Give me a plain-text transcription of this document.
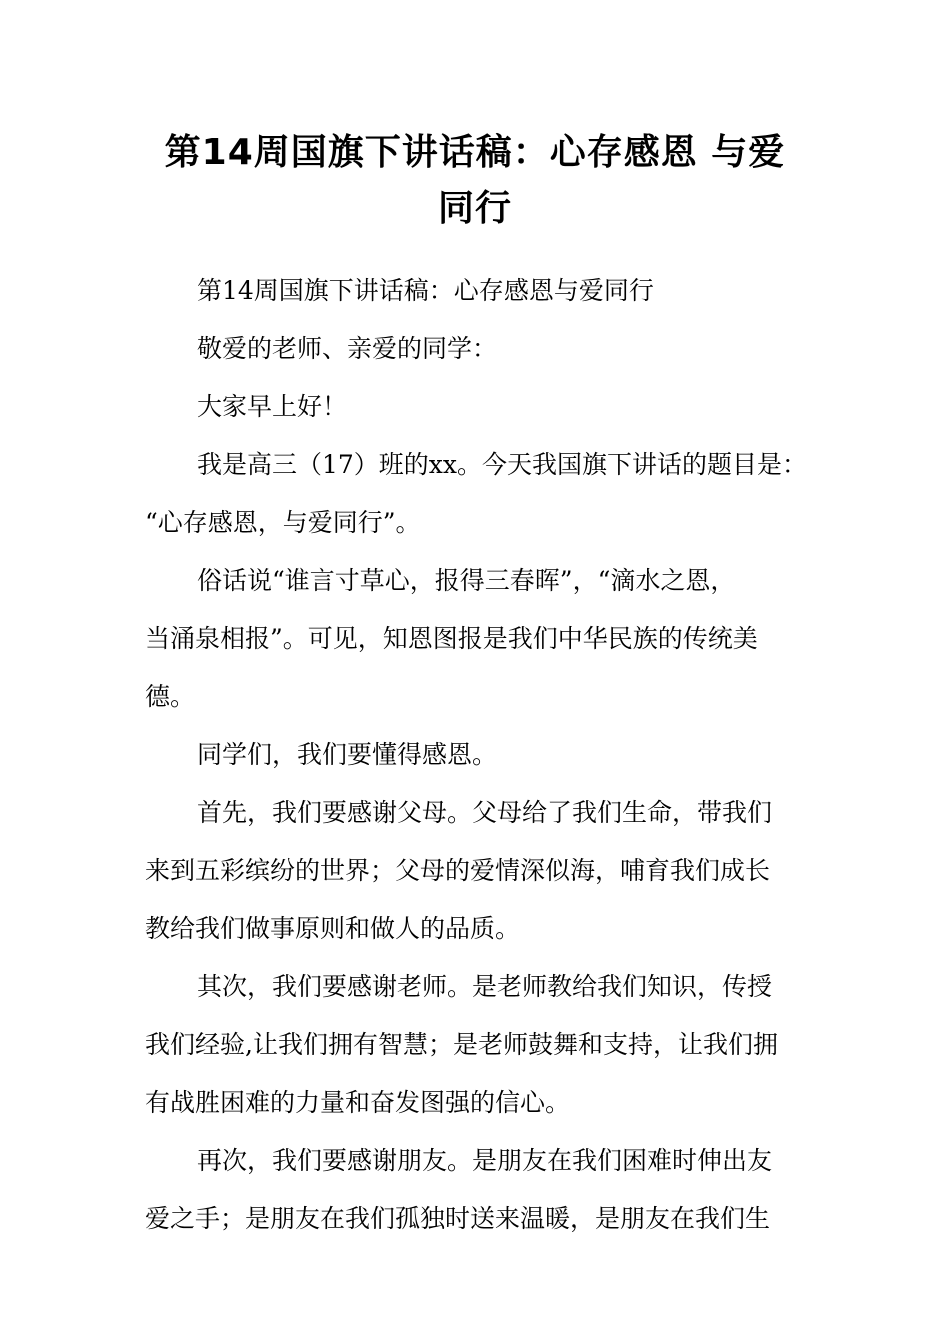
第14周国旗下讲话稿：心存感恩 与爱
同行
第14周国旗下讲话稿：心存感恩与爱同行
敬爱的老师、亲爱的同学：
大家早上好！
我是高三（17）班的xx。今天我国旗下讲话的题目是：
“心存感恩，与爱同行”。
俗话说“谁言寸草心，报得三春晖”，“滴水之恩，
当涌泉相报”。可见，知恩图报是我们中华民族的传统美
德。
同学们，我们要懂得感恩。
首先，我们要感谢父母。父母给了我们生命，带我们
来到五彩缤纷的世界；父母的爱情深似海，哺育我们成长
教给我们做事原则和做人的品质。
其次，我们要感谢老师。是老师教给我们知识，传授
我们经验,让我们拥有智慧；是老师鼓舞和支持，让我们拥
有战胜困难的力量和奋发图强的信心。
再次，我们要感谢朋友。是朋友在我们困难时伸出友
爱之手；是朋友在我们孤独时送来温暖，是朋友在我们生
